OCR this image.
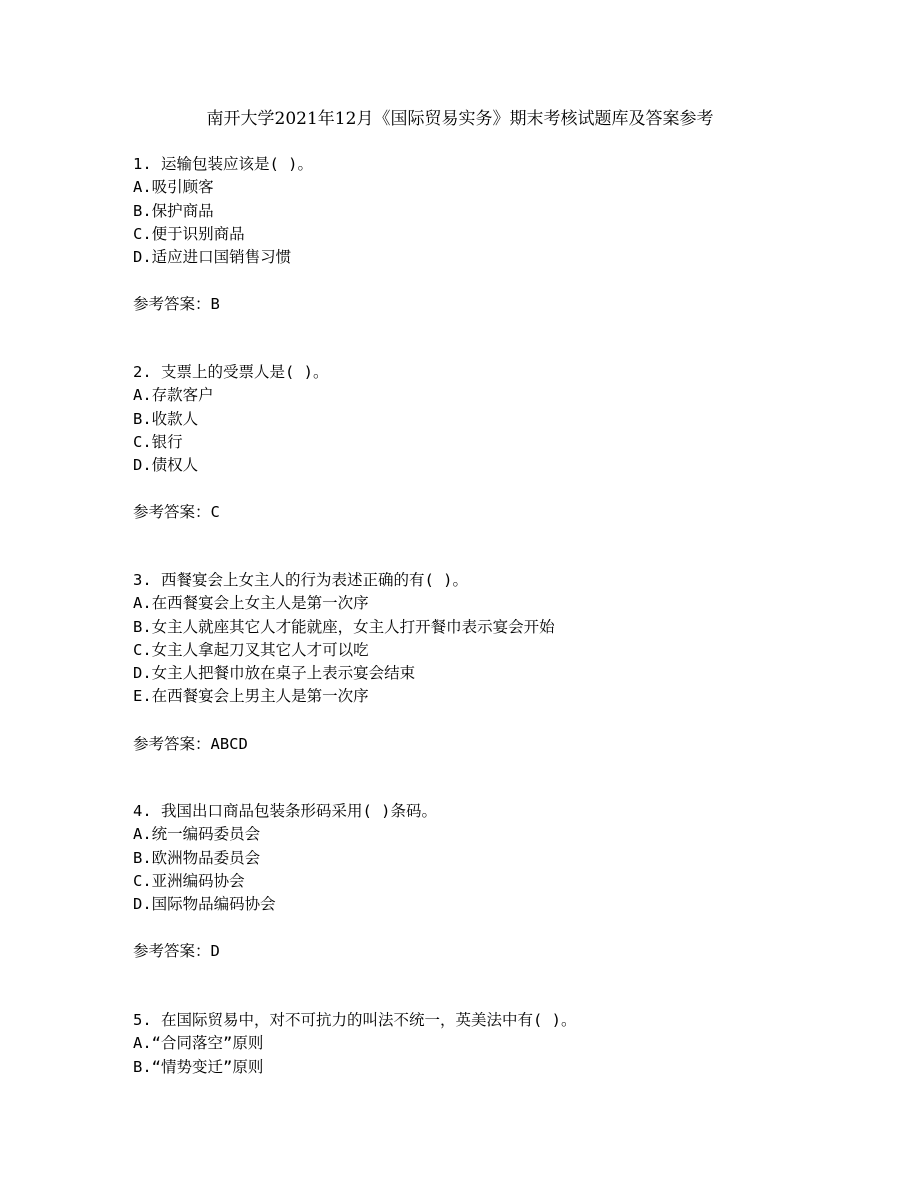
南开大学2021年12月《国际贸易实务》期末考核试题库及答案参考
1. 运输包装应该是( )。
A.吸引顾客
B.保护商品
C.便于识别商品
D.适应进口国销售习惯
参考答案：B
2. 支票上的受票人是( )。
A.存款客户
B.收款人
C.银行
D.债权人
参考答案：C
3. 西餐宴会上女主人的行为表述正确的有( )。
A.在西餐宴会上女主人是第一次序
B.女主人就座其它人才能就座，女主人打开餐巾表示宴会开始
C.女主人拿起刀叉其它人才可以吃
D.女主人把餐巾放在桌子上表示宴会结束
E.在西餐宴会上男主人是第一次序
参考答案：ABCD
4. 我国出口商品包装条形码采用( )条码。
A.统一编码委员会
B.欧洲物品委员会
C.亚洲编码协会
D.国际物品编码协会
参考答案：D
5. 在国际贸易中，对不可抗力的叫法不统一，英美法中有( )。
A.“合同落空”原则
B.“情势变迁”原则
